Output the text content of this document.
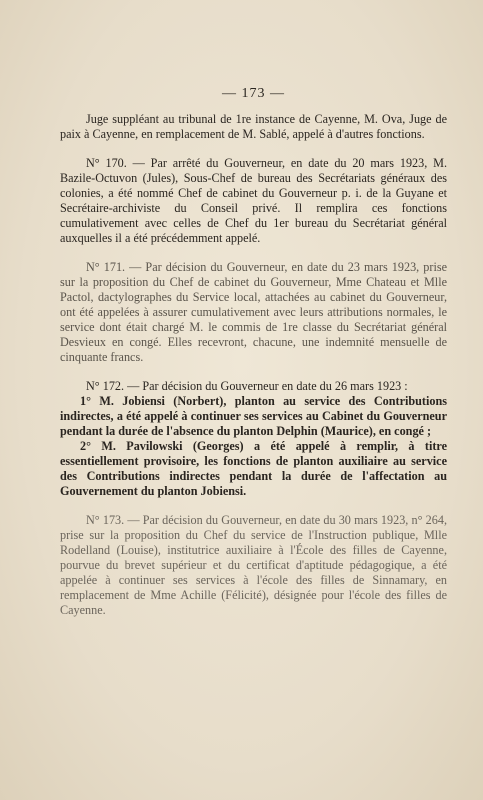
— 173 —

Juge suppléant au tribunal de 1re instance de Cayenne, M. Ova, Juge de paix à Cayenne, en remplacement de M. Sablé, appelé à d'autres fonctions.

N° 170. — Par arrêté du Gouverneur, en date du 20 mars 1923, M. Bazile-Octuvon (Jules), Sous-Chef de bureau des Secrétariats généraux des colonies, a été nommé Chef de cabinet du Gouverneur p. i. de la Guyane et Secrétaire-archiviste du Conseil privé. Il remplira ces fonctions cumulativement avec celles de Chef du 1er bureau du Secrétariat général auxquelles il a été précédemment appelé.

N° 171. — Par décision du Gouverneur, en date du 23 mars 1923, prise sur la proposition du Chef de cabinet du Gouverneur, Mme Chateau et Mlle Pactol, dactylographes du Service local, attachées au cabinet du Gouverneur, ont été appelées à assurer cumulativement avec leurs attributions normales, le service dont était chargé M. le commis de 1re classe du Secrétariat général Desvieux en congé. Elles recevront, chacune, une indemnité mensuelle de cinquante francs.

N° 172. — Par décision du Gouverneur en date du 26 mars 1923 :

1° M. Jobiensi (Norbert), planton au service des Contributions indirectes, a été appelé à continuer ses services au Cabinet du Gouverneur pendant la durée de l'absence du planton Delphin (Maurice), en congé ;

2° M. Pavilowski (Georges) a été appelé à remplir, à titre essentiellement provisoire, les fonctions de planton auxiliaire au service des Contributions indirectes pendant la durée de l'affectation au Gouvernement du planton Jobiensi.

N° 173. — Par décision du Gouverneur, en date du 30 mars 1923, n° 264, prise sur la proposition du Chef du service de l'Instruction publique, Mlle Rodelland (Louise), institutrice auxiliaire à l'École des filles de Cayenne, pourvue du brevet supérieur et du certificat d'aptitude pédagogique, a été appelée à continuer ses services à l'école des filles de Sinnamary, en remplacement de Mme Achille (Félicité), désignée pour l'école des filles de Cayenne.
